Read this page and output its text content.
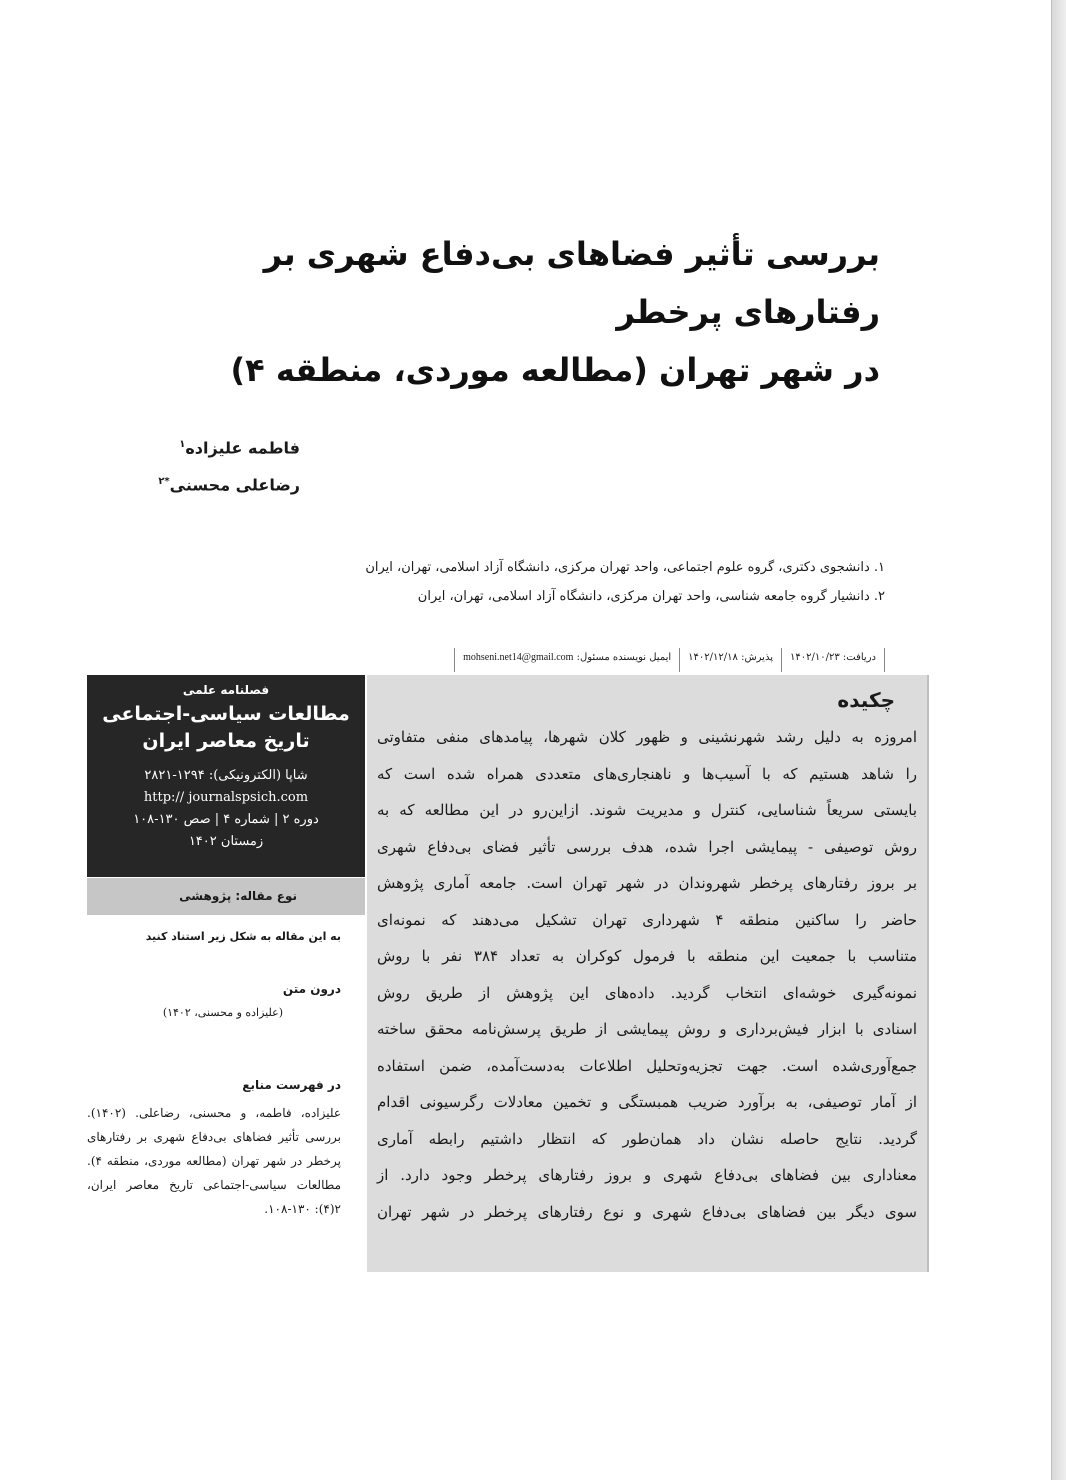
بررسی تأثیر فضاهای بی‌دفاع شهری بر رفتارهای پرخطر
در شهر تهران (مطالعه موردی، منطقه ۴)
فاطمه علیزاده$^۱$
رضاعلی محسنی$^{*۲}$
۱. دانشجوی دکتری، گروه علوم اجتماعی، واحد تهران مرکزی، دانشگاه آزاد اسلامی، تهران، ایران
۲. دانشیار گروه جامعه شناسی، واحد تهران مرکزی، دانشگاه آزاد اسلامی، تهران، ایران
دریافت: ۱۴۰۲/۱۰/۲۳
پذیرش: ۱۴۰۲/۱۲/۱۸
ایمیل نویسنده مسئول: mohseni.net14@gmail.com
فصلنامه علمی
مطالعات سیاسی-اجتماعی
تاریخ معاصر ایران
شاپا (الکترونیکی): ۱۲۹۴-۲۸۲۱
http:// journalspsich.com
دوره ۲ | شماره ۴ | صص ۱۳۰-۱۰۸
زمستان ۱۴۰۲
نوع مقاله: پژوهشی
به این مقاله به شکل زیر استناد کنید
درون متن
(علیزاده و محسنی، ۱۴۰۲)
در فهرست منابع
علیزاده، فاطمه، و محسنی، رضاعلی. (۱۴۰۲). بررسی تأثیر فضاهای بی‌دفاع شهری بر رفتارهای پرخطر در شهر تهران (مطالعه موردی، منطقه ۴). مطالعات سیاسی-اجتماعی تاریخ معاصر ایران، ۲(۴): ۱۳۰-۱۰۸.
چکیده
امروزه به دلیل رشد شهرنشینی و ظهور کلان شهرها، پیامدهای منفی متفاوتی
را شاهد هستیم که با آسیب‌ها و ناهنجاری‌های متعددی همراه شده است که
بایستی سریعاً شناسایی، کنترل و مدیریت شوند. ازاین‌رو در این مطالعه که به
روش توصیفی - پیمایشی اجرا شده، هدف بررسی تأثیر فضای بی‌دفاع شهری
بر بروز رفتارهای پرخطر شهروندان در شهر تهران است. جامعه آماری پژوهش
حاضر را ساکنین منطقه ۴ شهرداری تهران تشکیل می‌دهند که نمونه‌ای
متناسب با جمعیت این منطقه با فرمول کوکران به تعداد ۳۸۴ نفر با روش
نمونه‌گیری خوشه‌ای انتخاب گردید. داده‌های این پژوهش از طریق روش
اسنادی با ابزار فیش‌برداری و روش پیمایشی از طریق پرسش‌نامه محقق ساخته
جمع‌آوری‌شده است. جهت تجزیه‌وتحلیل اطلاعات به‌دست‌آمده، ضمن استفاده
از آمار توصیفی، به برآورد ضریب همبستگی و تخمین معادلات رگرسیونی اقدام
گردید. نتایج حاصله نشان داد همان‌طور که انتظار داشتیم رابطه آماری
معناداری بین فضاهای بی‌دفاع شهری و بروز رفتارهای پرخطر وجود دارد. از
سوی دیگر بین فضاهای بی‌دفاع شهری و نوع رفتارهای پرخطر در شهر تهران
